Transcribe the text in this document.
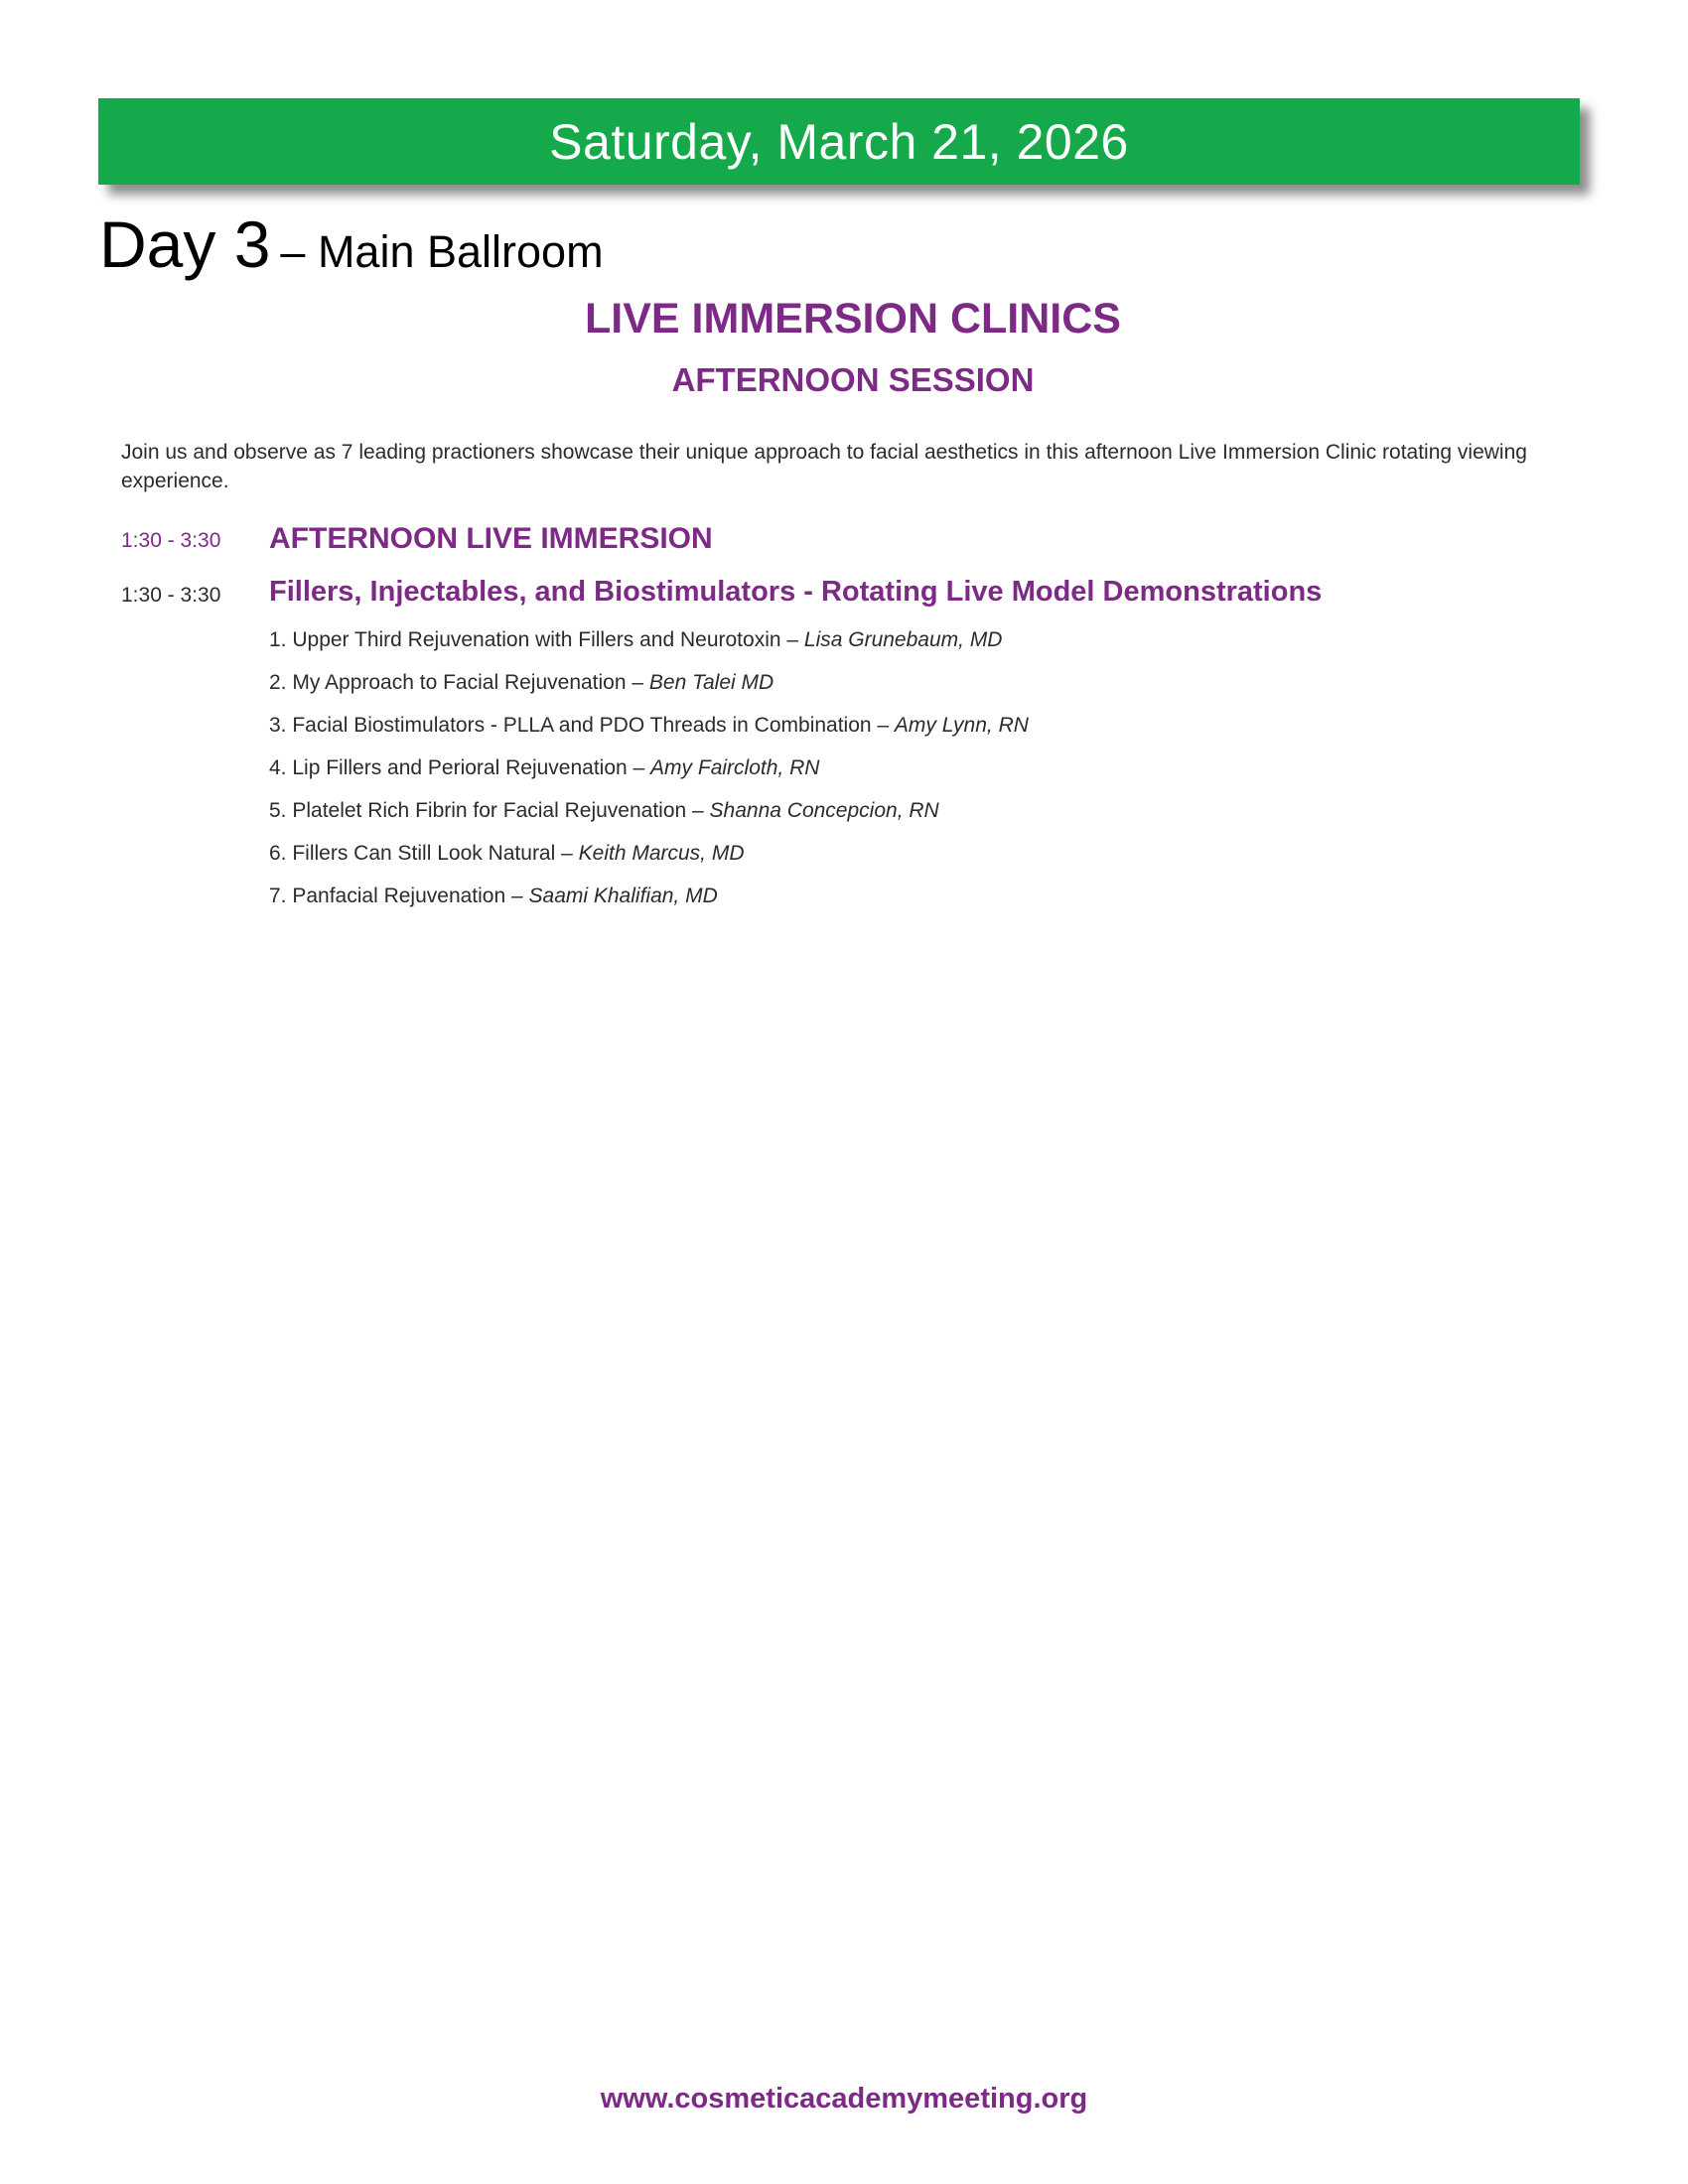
Saturday, March 21, 2026
Day 3 – Main Ballroom
LIVE IMMERSION CLINICS
AFTERNOON SESSION

Join us and observe as 7 leading practioners showcase their unique approach to facial aesthetics in this afternoon Live Immersion Clinic rotating viewing experience.

1:30 - 3:30 AFTERNOON LIVE IMMERSION
1:30 - 3:30 Fillers, Injectables, and Biostimulators - Rotating Live Model Demonstrations
1. Upper Third Rejuvenation with Fillers and Neurotoxin – Lisa Grunebaum, MD
2. My Approach to Facial Rejuvenation – Ben Talei MD
3. Facial Biostimulators - PLLA and PDO Threads in Combination – Amy Lynn, RN
4. Lip Fillers and Perioral Rejuvenation – Amy Faircloth, RN
5. Platelet Rich Fibrin for Facial Rejuvenation – Shanna Concepcion, RN
6. Fillers Can Still Look Natural – Keith Marcus, MD
7. Panfacial Rejuvenation – Saami Khalifian, MD
www.cosmeticacademymeeting.org
